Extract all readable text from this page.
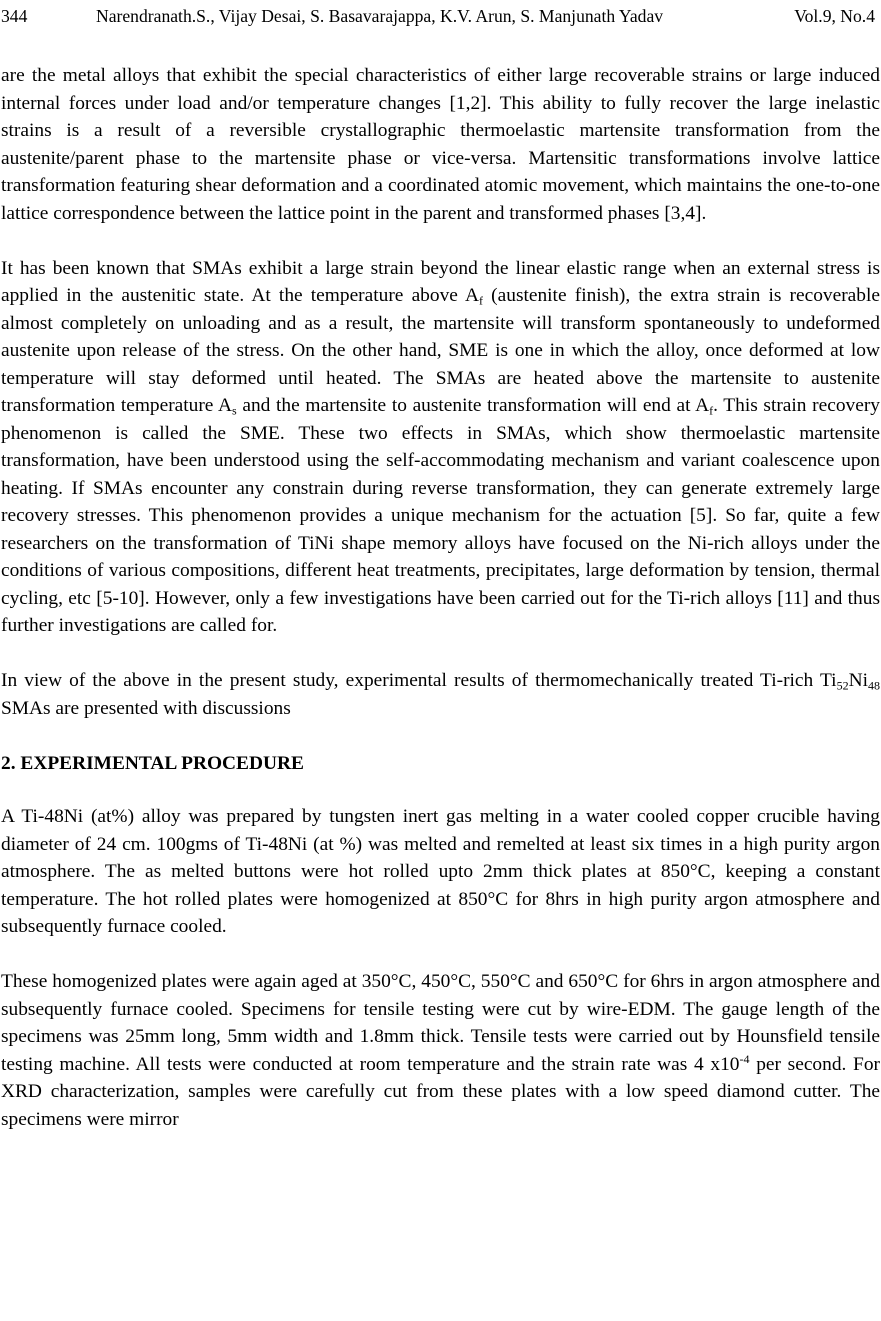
344	Narendranath.S., Vijay Desai, S. Basavarajappa, K.V. Arun, S. Manjunath Yadav	Vol.9, No.4

are the metal alloys that exhibit the special characteristics of either large recoverable strains or large induced internal forces under load and/or temperature changes [1,2]. This ability to fully recover the large inelastic strains is a result of a reversible crystallographic thermoelastic martensite transformation from the austenite/parent phase to the martensite phase or vice-versa. Martensitic transformations involve lattice transformation featuring shear deformation and a coordinated atomic movement, which maintains the one-to-one lattice correspondence between the lattice point in the parent and transformed phases [3,4].

It has been known that SMAs exhibit a large strain beyond the linear elastic range when an external stress is applied in the austenitic state. At the temperature above $A_f$ (austenite finish), the extra strain is recoverable almost completely on unloading and as a result, the martensite will transform spontaneously to undeformed austenite upon release of the stress. On the other hand, SME is one in which the alloy, once deformed at low temperature will stay deformed until heated. The SMAs are heated above the martensite to austenite transformation temperature $A_s$ and the martensite to austenite transformation will end at $A_f$. This strain recovery phenomenon is called the SME. These two effects in SMAs, which show thermoelastic martensite transformation, have been understood using the self-accommodating mechanism and variant coalescence upon heating. If SMAs encounter any constrain during reverse transformation, they can generate extremely large recovery stresses. This phenomenon provides a unique mechanism for the actuation [5]. So far, quite a few researchers on the transformation of TiNi shape memory alloys have focused on the Ni-rich alloys under the conditions of various compositions, different heat treatments, precipitates, large deformation by tension, thermal cycling, etc [5-10]. However, only a few investigations have been carried out for the Ti-rich alloys [11] and thus further investigations are called for.

In view of the above in the present study, experimental results of thermomechanically treated Ti-rich $Ti_{52}Ni_{48}$ SMAs are presented with discussions

2. EXPERIMENTAL PROCEDURE

A Ti-48Ni (at%) alloy was prepared by tungsten inert gas melting in a water cooled copper crucible having diameter of 24 cm. 100gms of Ti-48Ni (at %) was melted and remelted at least six times in a high purity argon atmosphere. The as melted buttons were hot rolled upto 2mm thick plates at 850°C, keeping a constant temperature. The hot rolled plates were homogenized at 850°C for 8hrs in high purity argon atmosphere and subsequently furnace cooled.

These homogenized plates were again aged at 350°C, 450°C, 550°C and 650°C for 6hrs in argon atmosphere and subsequently furnace cooled. Specimens for tensile testing were cut by wire-EDM. The gauge length of the specimens was 25mm long, 5mm width and 1.8mm thick. Tensile tests were carried out by Hounsfield tensile testing machine. All tests were conducted at room temperature and the strain rate was 4 $x10^{-4}$ per second. For XRD characterization, samples were carefully cut from these plates with a low speed diamond cutter. The specimens were mirror
